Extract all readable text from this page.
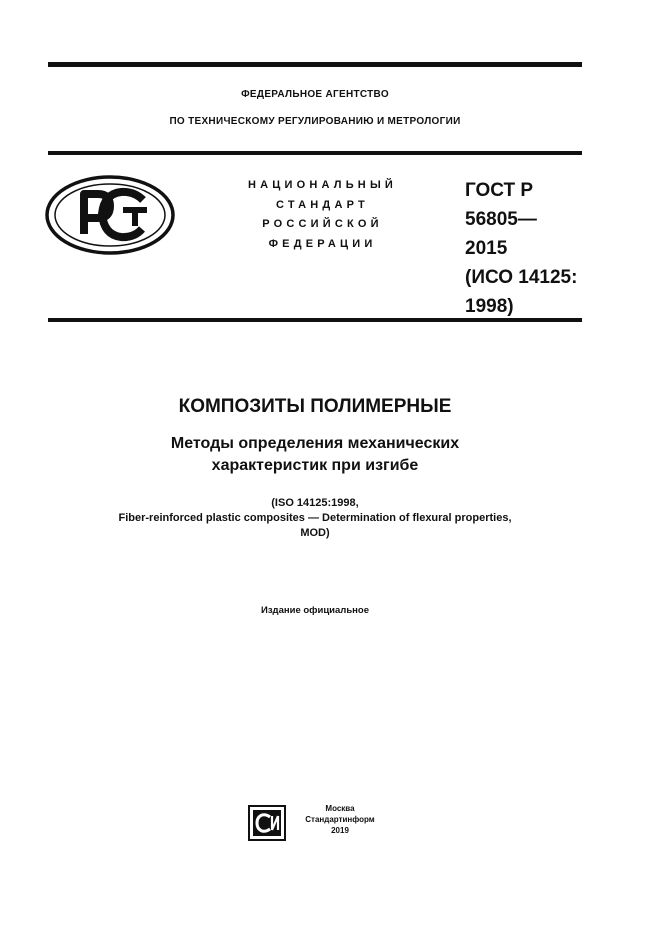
ФЕДЕРАЛЬНОЕ АГЕНТСТВО
ПО ТЕХНИЧЕСКОМУ РЕГУЛИРОВАНИЮ И МЕТРОЛОГИИ
НАЦИОНАЛЬНЫЙ
СТАНДАРТ
РОССИЙСКОЙ
ФЕДЕРАЦИИ
ГОСТ Р
56805—
2015
(ИСО 14125:
1998)
КОМПОЗИТЫ ПОЛИМЕРНЫЕ
Методы определения механических
характеристик при изгибе
(ISO 14125:1998,
Fiber-reinforced plastic composites — Determination of flexural properties,
MOD)
Издание официальное
Москва
Стандартинформ
2019
